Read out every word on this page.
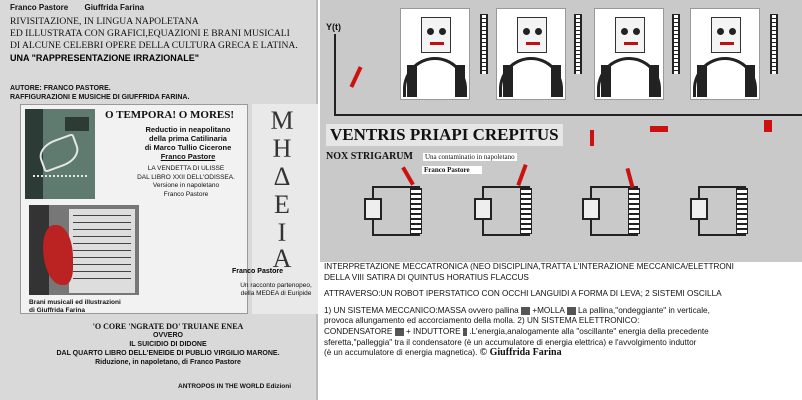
Franco Pastore Giuffrida Farina
RIVISITAZIONE, IN LINGUA NAPOLETANA
ED ILLUSTRATA CON GRAFICI,EQUAZIONI E BRANI MUSICALI
DI ALCUNE CELEBRI OPERE DELLA CULTURA GRECA E LATINA.
UNA "RAPPRESENTAZIONE IRRAZIONALE"
AUTORE: FRANCO PASTORE.
RAFFIGURAZIONI E MUSICHE DI GIUFFRIDA FARINA.
O TEMPORA! O MORES!
Reductio in neapolitano
della prima Catilinaria
di Marco Tullio Cicerone
Franco Pastore
LA VENDETTA DI ULISSE
DAL LIBRO XXII DELL'ODISSEA.
Versione in napoletano
Franco Pastore
Brani musicali ed illustrazioni
di Giuffrida Farina
Μ
Η
Δ
Ε
Ι
Α
Franco Pastore
Un racconto partenopeo,
della MEDEA di Euripide
'O CORE 'NGRATE DO' TRUIANE ENEA
OVVERO
IL SUICIDIO DI DIDONE
DAL QUARTO LIBRO DELL'ENEIDE DI PUBLIO VIRGILIO MARONE.
Riduzione, in napoletano, di Franco Pastore
ANTROPOS IN THE WORLD Edizioni
Y(t)
VENTRIS PRIAPI CREPITUS
NOX STRIGARUM Una contaminatio in napoletano
Franco Pastore

INTERPRETAZIONE MECCATRONICA (NEO DISCIPLINA,TRATTA L'INTERAZIONE MECCANICA/ELETTRONI

DELLA VIII SATIRA DI QUINTUS HORATIUS FLACCUS

ATTRAVERSO:UN ROBOT IPERSTATICO CON OCCHI LANGUIDI A FORMA DI LEVA; 2 SISTEMI OSCILLA

1) UN SISTEMA MECCANICO:MASSA ovvero pallina +MOLLA La pallina,"ondeggiante" in verticale,

provoca allungamento ed accorciamento della molla. 2) UN SISTEMA ELETTRONICO:

CONDENSATORE + INDUTTORE .L'energia,analogamente alla "oscillante" energia della precedente

sferetta,"palleggia" tra il condensatore (è un accumulatore di energia elettrica) e l'avvolgimento induttor

(è un accumulatore di energia magnetica). © Giuffrida Farina
